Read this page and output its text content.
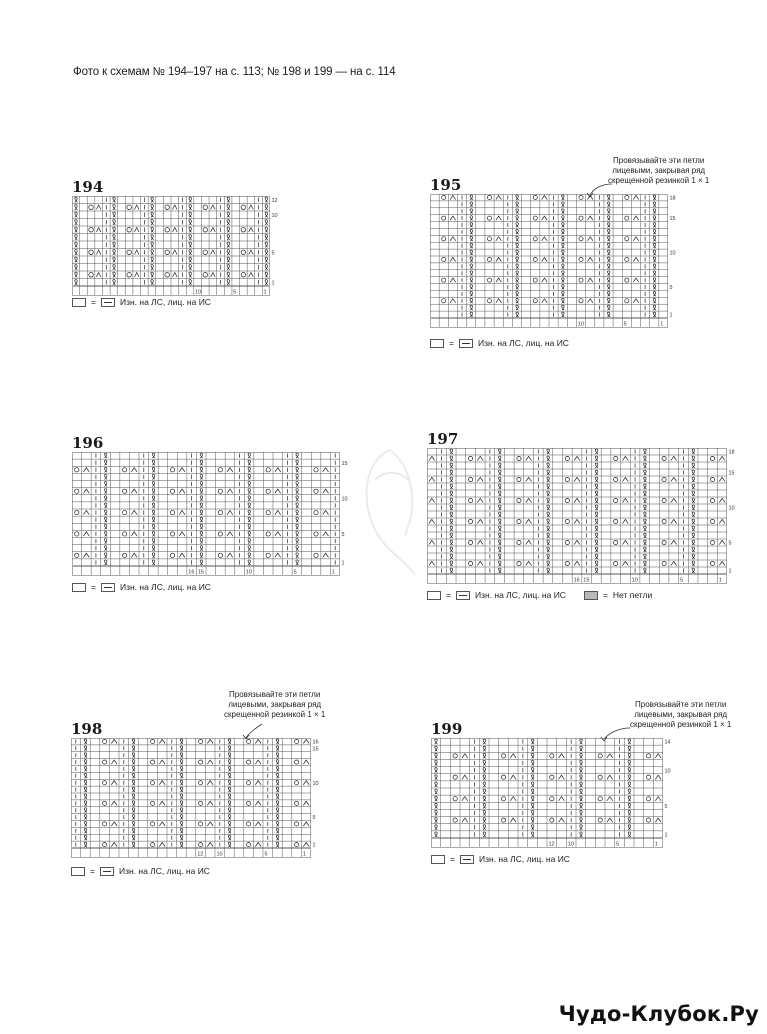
Фото к схемам № 194–197 на с. 113; № 198 и 199 — на с. 114
194
12
10
5
1
10	5	1
=	Изн. на ЛС, лиц. на ИС
Провязывайте эти петли
лицевыми, закрывая ряд
скрещенной резинкой 1 × 1
195
18
15
10
5
1
10	5	1
=	Изн. на ЛС, лиц. на ИС
196
15
10
5
1
16 15	10	5	1
=	Изн. на ЛС, лиц. на ИС
197
18
15
10
5
1
16 15	10	5	1
=	Изн. на ЛС, лиц. на ИС	= Нет петли
Провязывайте эти петли
лицевыми, закрывая ряд
скрещенной резинкой 1 × 1
198
16
15
10
5
1
12 10	5	1
=	Изн. на ЛС, лиц. на ИС
Провязывайте эти петли
лицевыми, закрывая ряд
скрещенной резинкой 1 × 1
199
14
10
5
1
12 10	5	1
=	Изн. на ЛС, лиц. на ИС
Чудо-Клубок.Ру
